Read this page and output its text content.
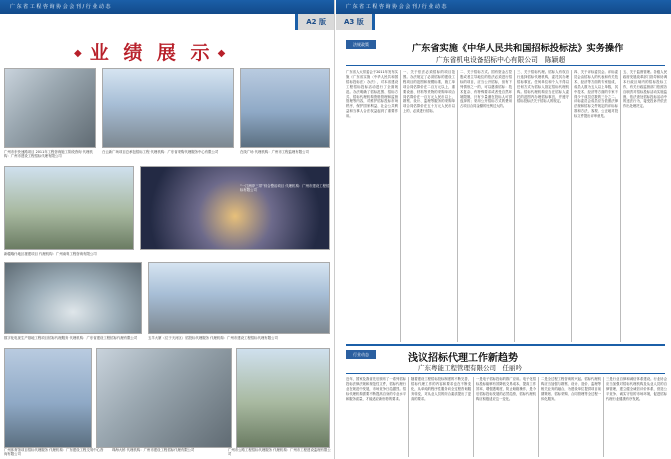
广 东 省 工 程 咨 询 协 会 会 刊 / 行 业 动 态
A2 版
◆ 业 绩 展 示 ◆
广州市东快速路项目 2011年工程咨询施工阶段咨询 代理机构：广州市建设工程招标代理有限公司
白云新广场项目总承包招标工程 代理机构：广东省采购代理服务中心有限公司	在线广场 代理机构：广州市工程监理有限公司
新疆喀什地区援建项目 代理机构：广州南粤工程咨询有限公司
“一江两岸三带”综合整治项目 代理机构：广州市建设工程招标有限公司
数字化电视生产基地工程项目招标代理服务 代理机构：广东省建设工程招标代理有限公司	五羊大厦（位于天河区）招投标代理服务 代理机构：广州市建设工程招标代理有限公司
广州体育馆项目招标代理服务 代理机构：广东建设工程交易中心咨询有限公司
珠海大桥 代理机构：广州市建设工程招标代理有限公司	广州市公路工程招标代理服务 代理机构：广州市工程建设监理有限公司
广 东 省 工 程 咨 询 协 会 会 刊 / 行 业 动 态
A3 版
法规政策	广东省实施《中华人民共和国招标投标法》实务操作
广东省机电设备招标中心有限公司　陈颖超
广东省人大常委会于2011年发布实施《广东省实施〈中华人民共和国招标投标法〉办法》，对本省建设工程招标投标活动进行了全面规范。办法明确了招标范围、招标方式、招标代理机构资格管理和监督管理等内容，对维护招标投标市场秩序，保护国家利益、社会公共利益和当事人合法权益起到了重要作用。
一、关于依法必须招标的项目范围。办法规定了必须招标的建设工程项目的范围和规模标准，施工单项合同估算价在二百万元以上，重要设备、材料等货物的采购单项合同估算价在一百万元人民币以上，勘察、设计、监理等服务的采购单项合同估算价在五十万元人民币以上的，必须进行招标。
二、关于招标方式。国有资金占控股或者主导地位的依法必须进行招标的项目，应当公开招标，但有下列情形之一的，可以邀请招标：技术复杂、有特殊要求或者受自然环境限制，只有少量潜在投标人可供选择的；采用公开招标方式的费用占项目合同金额的比例过大的。
三、关于招标代理。招标人有权自行选择招标代理机构，委托其办理招标事宜。任何单位和个人不得以任何方式为招标人指定招标代理机构。招标代理机构应当在招标人委托的范围内办理招标事宜，并遵守招标投标法关于招标人的规定。
四、关于评标委员会。评标委员会由招标人的代表和有关技术、经济等方面的专家组成，成员人数为五人以上单数，其中技术、经济等方面的专家不得少于成员总数的三分之二。评标委员会成员应当依照法律法规和招标文件规定的评标标准和方法，客观、公正地对投标文件提出评审意见。
五、关于监督管理。各级人民政府发展改革部门指导和协调本行政区域内的招标投标工作，有关行政监督部门依照各自职责对招标投标活动实施监督，依法查处招标投标活动中的违法行为，接受投诉并依法作出处理决定。
行业动态	浅议招标代理工作新趋势
广东粤能工程管理有限公司　任丽吟
近年，国家及我省先后颁布了一系列招标投标法律法规和规范性文件，招标代理行业在规范中发展，市场竞争日趋激烈。招标代理机构需要不断提高自身的专业水平和服务质量，才能适应新形势的要求。
随着建设工程招标投标制度的不断完善，招标代理工作的内容和要求也在不断变化，从单纯的程序性服务向全过程咨询服务转变，对从业人员的综合素质提出了更高的要求。
一是电子招标投标的推广应用。电子化招标投标能够有效降低交易成本，提高工作效率，增强透明度，防止暗箱操作，是今后招标投标发展的必然趋势，招标代理机构应积极适应这一变化。
二是全过程工程咨询的兴起。招标代理机构应当加强与勘察、设计、造价、监理等相关业务的融合，为建设单位提供项目前期策划、招标采购、合同管理等全过程一体化服务。
三是行业自律和诚信体系建设。行业协会应当加强对招标代理机构及从业人员的自律管理，建立健全诚信评价体系，营造公平竞争、诚实守信的市场环境，促进招标代理行业健康有序发展。
